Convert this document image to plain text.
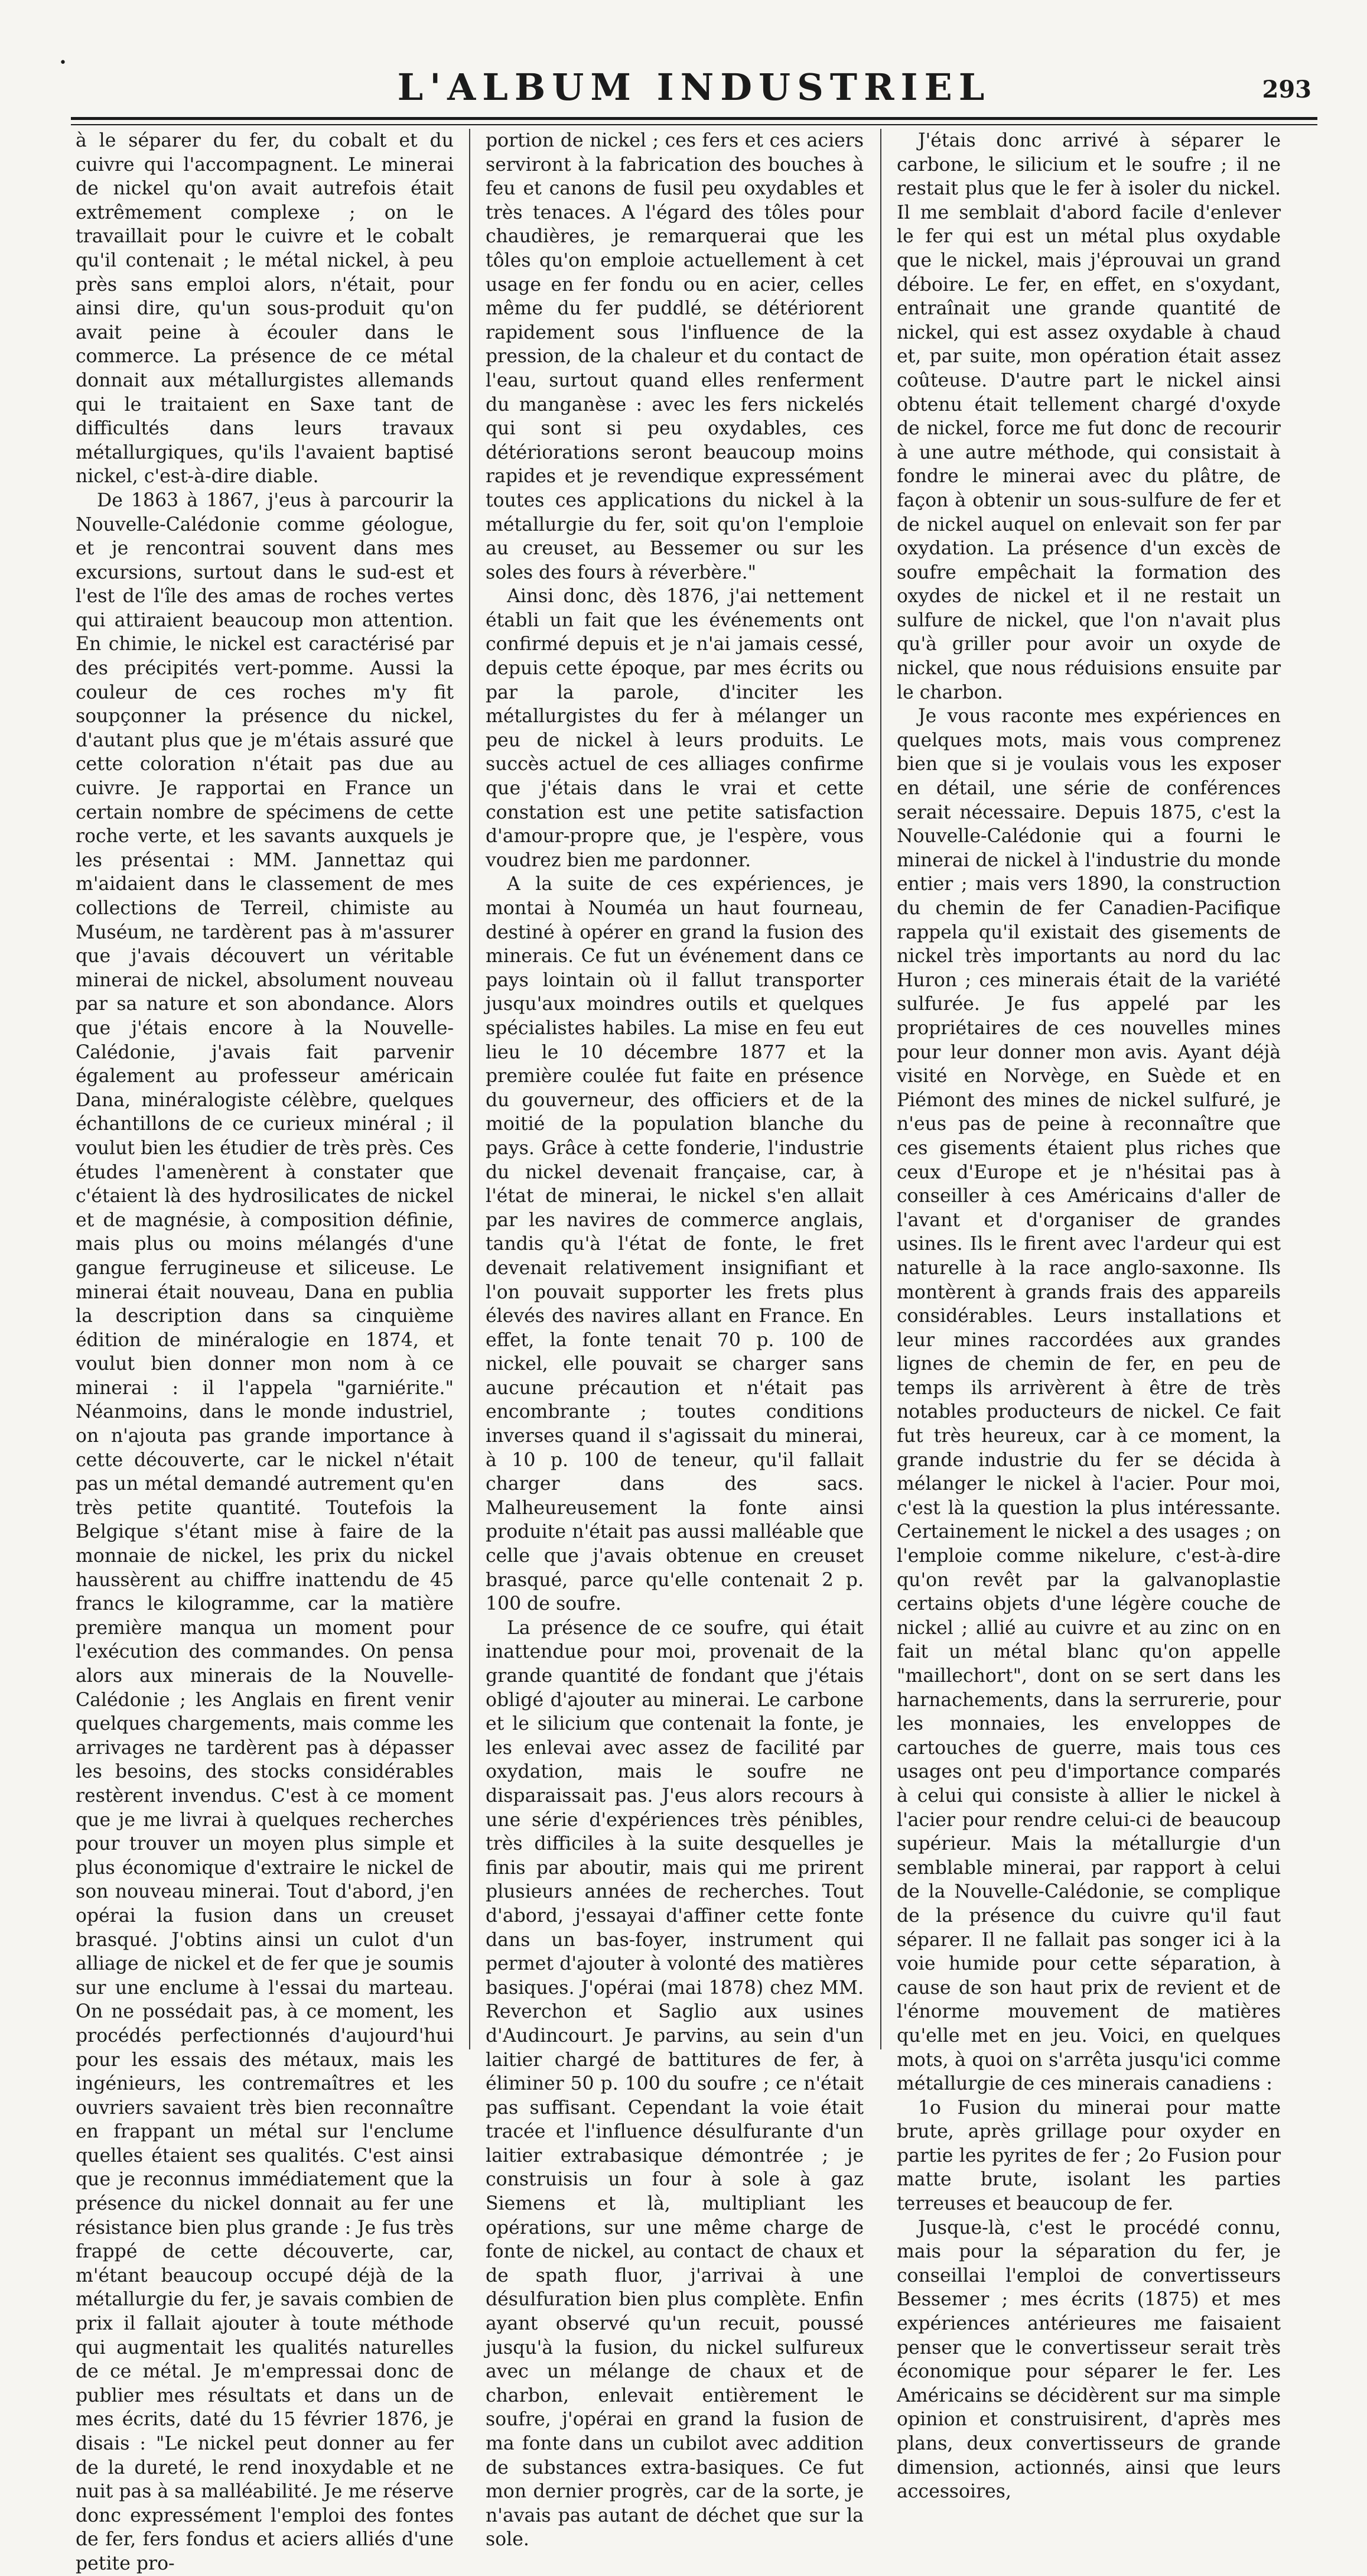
•
L'ALBUM INDUSTRIEL	293

à le séparer du fer, du cobalt et du cuivre qui l'accompagnent. Le minerai de nickel qu'on avait autrefois était extrêmement complexe ; on le travaillait pour le cuivre et le cobalt qu'il contenait ; le métal nickel, à peu près sans emploi alors, n'était, pour ainsi dire, qu'un sous-produit qu'on avait peine à écouler dans le commerce. La présence de ce métal donnait aux métallurgistes allemands qui le traitaient en Saxe tant de difficultés dans leurs travaux métallurgiques, qu'ils l'avaient baptisé nickel, c'est-à-dire diable.

De 1863 à 1867, j'eus à parcourir la Nouvelle-Calédonie comme géologue, et je rencontrai souvent dans mes excursions, surtout dans le sud-est et l'est de l'île des amas de roches vertes qui attiraient beaucoup mon attention. En chimie, le nickel est caractérisé par des précipités vert-pomme. Aussi la couleur de ces roches m'y fit soupçonner la présence du nickel, d'autant plus que je m'étais assuré que cette coloration n'était pas due au cuivre. Je rapportai en France un certain nombre de spécimens de cette roche verte, et les savants auxquels je les présentai : MM. Jannettaz qui m'aidaient dans le classement de mes collections de Terreil, chimiste au Muséum, ne tardèrent pas à m'assurer que j'avais découvert un véritable minerai de nickel, absolument nouveau par sa nature et son abondance. Alors que j'étais encore à la Nouvelle-Calédonie, j'avais fait parvenir également au professeur américain Dana, minéralogiste célèbre, quelques échantillons de ce curieux minéral ; il voulut bien les étudier de très près. Ces études l'amenèrent à constater que c'étaient là des hydrosilicates de nickel et de magnésie, à composition définie, mais plus ou moins mélangés d'une gangue ferrugineuse et siliceuse. Le minerai était nouveau, Dana en publia la description dans sa cinquième édition de minéralogie en 1874, et voulut bien donner mon nom à ce minerai : il l'appela "garniérite." Néanmoins, dans le monde industriel, on n'ajouta pas grande importance à cette découverte, car le nickel n'était pas un métal demandé autrement qu'en très petite quantité. Toutefois la Belgique s'étant mise à faire de la monnaie de nickel, les prix du nickel haussèrent au chiffre inattendu de 45 francs le kilogramme, car la matière première manqua un moment pour l'exécution des commandes. On pensa alors aux minerais de la Nouvelle-Calédonie ; les Anglais en firent venir quelques chargements, mais comme les arrivages ne tardèrent pas à dépasser les besoins, des stocks considérables restèrent invendus. C'est à ce moment que je me livrai à quelques recherches pour trouver un moyen plus simple et plus économique d'extraire le nickel de son nouveau minerai. Tout d'abord, j'en opérai la fusion dans un creuset brasqué. J'obtins ainsi un culot d'un alliage de nickel et de fer que je soumis sur une enclume à l'essai du marteau. On ne possédait pas, à ce moment, les procédés perfectionnés d'aujourd'hui pour les essais des métaux, mais les ingénieurs, les contremaîtres et les ouvriers savaient très bien reconnaître en frappant un métal sur l'enclume quelles étaient ses qualités. C'est ainsi que je reconnus immédiatement que la présence du nickel donnait au fer une résistance bien plus grande : Je fus très frappé de cette découverte, car, m'étant beaucoup occupé déjà de la métallurgie du fer, je savais combien de prix il fallait ajouter à toute méthode qui augmentait les qualités naturelles de ce métal. Je m'empressai donc de publier mes résultats et dans un de mes écrits, daté du 15 février 1876, je disais : "Le nickel peut donner au fer de la dureté, le rend inoxydable et ne nuit pas à sa malléabilité. Je me réserve donc expressément l'emploi des fontes de fer, fers fondus et aciers alliés d'une petite pro-

portion de nickel ; ces fers et ces aciers serviront à la fabrication des bouches à feu et canons de fusil peu oxydables et très tenaces. A l'égard des tôles pour chaudières, je remarquerai que les tôles qu'on emploie actuellement à cet usage en fer fondu ou en acier, celles même du fer puddlé, se détériorent rapidement sous l'influence de la pression, de la chaleur et du contact de l'eau, surtout quand elles renferment du manganèse : avec les fers nickelés qui sont si peu oxydables, ces détériorations seront beaucoup moins rapides et je revendique expressément toutes ces applications du nickel à la métallurgie du fer, soit qu'on l'emploie au creuset, au Bessemer ou sur les soles des fours à réverbère."

Ainsi donc, dès 1876, j'ai nettement établi un fait que les événements ont confirmé depuis et je n'ai jamais cessé, depuis cette époque, par mes écrits ou par la parole, d'inciter les métallurgistes du fer à mélanger un peu de nickel à leurs produits. Le succès actuel de ces alliages confirme que j'étais dans le vrai et cette constation est une petite satisfaction d'amour-propre que, je l'espère, vous voudrez bien me pardonner.

A la suite de ces expériences, je montai à Nouméa un haut fourneau, destiné à opérer en grand la fusion des minerais. Ce fut un événement dans ce pays lointain où il fallut transporter jusqu'aux moindres outils et quelques spécialistes habiles. La mise en feu eut lieu le 10 décembre 1877 et la première coulée fut faite en présence du gouverneur, des officiers et de la moitié de la population blanche du pays. Grâce à cette fonderie, l'industrie du nickel devenait française, car, à l'état de minerai, le nickel s'en allait par les navires de commerce anglais, tandis qu'à l'état de fonte, le fret devenait relativement insignifiant et l'on pouvait supporter les frets plus élevés des navires allant en France. En effet, la fonte tenait 70 p. 100 de nickel, elle pouvait se charger sans aucune précaution et n'était pas encombrante ; toutes conditions inverses quand il s'agissait du minerai, à 10 p. 100 de teneur, qu'il fallait charger dans des sacs. Malheureusement la fonte ainsi produite n'était pas aussi malléable que celle que j'avais obtenue en creuset brasqué, parce qu'elle contenait 2 p. 100 de soufre.

La présence de ce soufre, qui était inattendue pour moi, provenait de la grande quantité de fondant que j'étais obligé d'ajouter au minerai. Le carbone et le silicium que contenait la fonte, je les enlevai avec assez de facilité par oxydation, mais le soufre ne disparaissait pas. J'eus alors recours à une série d'expériences très pénibles, très difficiles à la suite desquelles je finis par aboutir, mais qui me prirent plusieurs années de recherches. Tout d'abord, j'essayai d'affiner cette fonte dans un bas-foyer, instrument qui permet d'ajouter à volonté des matières basiques. J'opérai (mai 1878) chez MM. Reverchon et Saglio aux usines d'Audincourt. Je parvins, au sein d'un laitier chargé de battitures de fer, à éliminer 50 p. 100 du soufre ; ce n'était pas suffisant. Cependant la voie était tracée et l'influence désulfurante d'un laitier extrabasique démontrée ; je construisis un four à sole à gaz Siemens et là, multipliant les opérations, sur une même charge de fonte de nickel, au contact de chaux et de spath fluor, j'arrivai à une désulfuration bien plus complète. Enfin ayant observé qu'un recuit, poussé jusqu'à la fusion, du nickel sulfureux avec un mélange de chaux et de charbon, enlevait entièrement le soufre, j'opérai en grand la fusion de ma fonte dans un cubilot avec addition de substances extra-basiques. Ce fut mon dernier progrès, car de la sorte, je n'avais pas autant de déchet que sur la sole.

J'étais donc arrivé à séparer le carbone, le silicium et le soufre ; il ne restait plus que le fer à isoler du nickel. Il me semblait d'abord facile d'enlever le fer qui est un métal plus oxydable que le nickel, mais j'éprouvai un grand déboire. Le fer, en effet, en s'oxydant, entraînait une grande quantité de nickel, qui est assez oxydable à chaud et, par suite, mon opération était assez coûteuse. D'autre part le nickel ainsi obtenu était tellement chargé d'oxyde de nickel, force me fut donc de recourir à une autre méthode, qui consistait à fondre le minerai avec du plâtre, de façon à obtenir un sous-sulfure de fer et de nickel auquel on enlevait son fer par oxydation. La présence d'un excès de soufre empêchait la formation des oxydes de nickel et il ne restait un sulfure de nickel, que l'on n'avait plus qu'à griller pour avoir un oxyde de nickel, que nous réduisions ensuite par le charbon.

Je vous raconte mes expériences en quelques mots, mais vous comprenez bien que si je voulais vous les exposer en détail, une série de conférences serait nécessaire. Depuis 1875, c'est la Nouvelle-Calédonie qui a fourni le minerai de nickel à l'industrie du monde entier ; mais vers 1890, la construction du chemin de fer Canadien-Pacifique rappela qu'il existait des gisements de nickel très importants au nord du lac Huron ; ces minerais était de la variété sulfurée. Je fus appelé par les propriétaires de ces nouvelles mines pour leur donner mon avis. Ayant déjà visité en Norvège, en Suède et en Piémont des mines de nickel sulfuré, je n'eus pas de peine à reconnaître que ces gisements étaient plus riches que ceux d'Europe et je n'hésitai pas à conseiller à ces Américains d'aller de l'avant et d'organiser de grandes usines. Ils le firent avec l'ardeur qui est naturelle à la race anglo-saxonne. Ils montèrent à grands frais des appareils considérables. Leurs installations et leur mines raccordées aux grandes lignes de chemin de fer, en peu de temps ils arrivèrent à être de très notables producteurs de nickel. Ce fait fut très heureux, car à ce moment, la grande industrie du fer se décida à mélanger le nickel à l'acier. Pour moi, c'est là la question la plus intéressante. Certainement le nickel a des usages ; on l'emploie comme nikelure, c'est-à-dire qu'on revêt par la galvanoplastie certains objets d'une légère couche de nickel ; allié au cuivre et au zinc on en fait un métal blanc qu'on appelle "maillechort", dont on se sert dans les harnachements, dans la serrurerie, pour les monnaies, les enveloppes de cartouches de guerre, mais tous ces usages ont peu d'importance comparés à celui qui consiste à allier le nickel à l'acier pour rendre celui-ci de beaucoup supérieur. Mais la métallurgie d'un semblable minerai, par rapport à celui de la Nouvelle-Calédonie, se complique de la présence du cuivre qu'il faut séparer. Il ne fallait pas songer ici à la voie humide pour cette séparation, à cause de son haut prix de revient et de l'énorme mouvement de matières qu'elle met en jeu. Voici, en quelques mots, à quoi on s'arrêta jusqu'ici comme métallurgie de ces minerais canadiens :

1o Fusion du minerai pour matte brute, après grillage pour oxyder en partie les pyrites de fer ; 2o Fusion pour matte brute, isolant les parties terreuses et beaucoup de fer.

Jusque-là, c'est le procédé connu, mais pour la séparation du fer, je conseillai l'emploi de convertisseurs Bessemer ; mes écrits (1875) et mes expériences antérieures me faisaient penser que le convertisseur serait très économique pour séparer le fer. Les Américains se décidèrent sur ma simple opinion et construisirent, d'après mes plans, deux convertisseurs de grande dimension, actionnés, ainsi que leurs accessoires,
